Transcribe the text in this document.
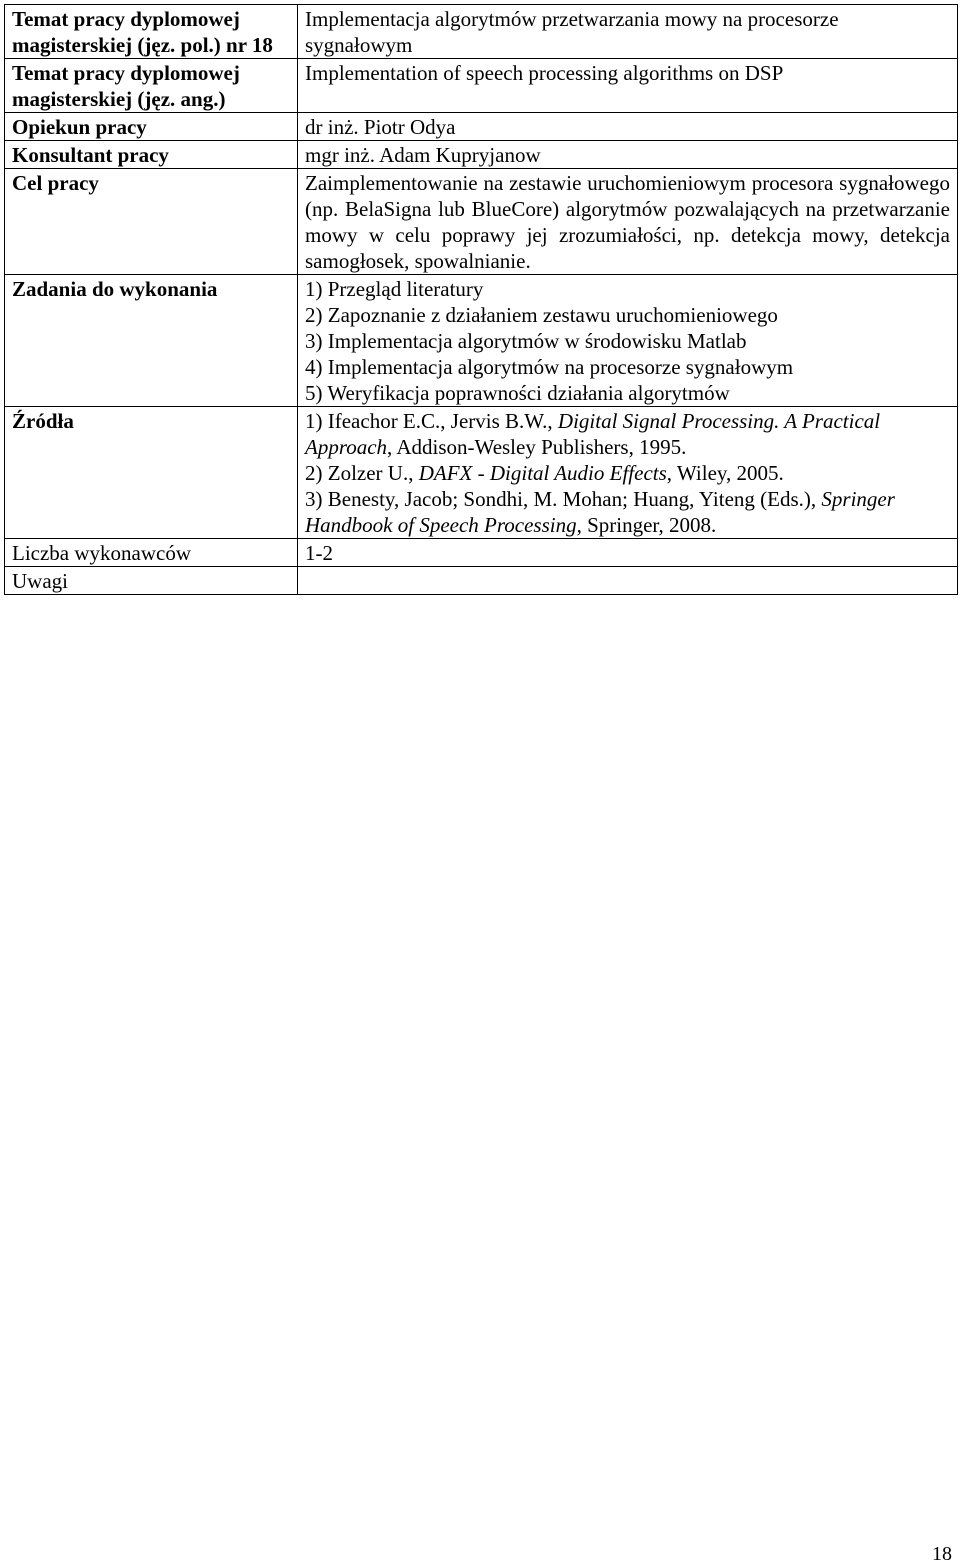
Temat pracy dyplomowej magisterskiej (jęz. pol.) nr 18	Implementacja algorytmów przetwarzania mowy na procesorze sygnałowym
Temat pracy dyplomowej magisterskiej (jęz. ang.)	Implementation of speech processing algorithms on DSP
Opiekun pracy	dr inż. Piotr Odya
Konsultant pracy	mgr inż. Adam Kupryjanow
Cel pracy	Zaimplementowanie na zestawie uruchomieniowym procesora sygnałowego (np. BelaSigna lub BlueCore) algorytmów pozwalających na przetwarzanie mowy w celu poprawy jej zrozumiałości, np. detekcja mowy, detekcja samogłosek, spowalnianie.
Zadania do wykonania	1) Przegląd literatury
2) Zapoznanie z działaniem zestawu uruchomieniowego
3) Implementacja algorytmów w środowisku Matlab
4) Implementacja algorytmów na procesorze sygnałowym
5) Weryfikacja poprawności działania algorytmów

Źródła	1) Ifeachor E.C., Jervis B.W., Digital Signal Processing. A Practical Approach, Addison-Wesley Publishers, 1995.
2) Zolzer U., DAFX - Digital Audio Effects, Wiley, 2005.
3) Benesty, Jacob; Sondhi, M. Mohan; Huang, Yiteng (Eds.), Springer Handbook of Speech Processing, Springer, 2008.

Liczba wykonawców	1-2
Uwagi	
18
